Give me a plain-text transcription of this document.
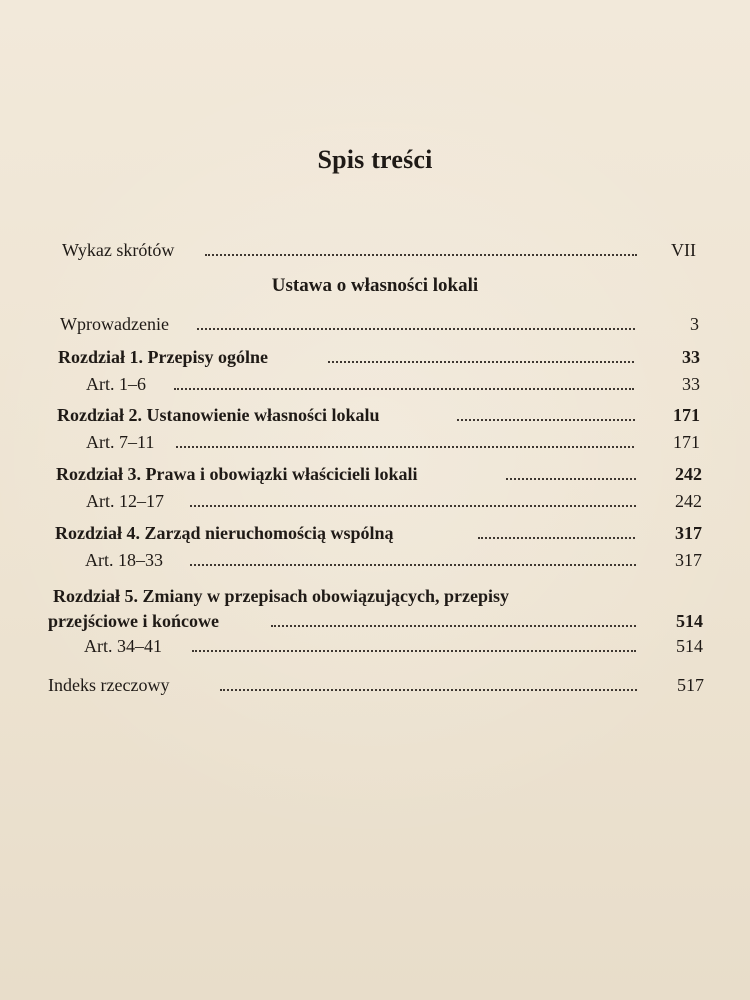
Spis treści
Wykaz skrótów	VII
Ustawa o własności lokali
Wprowadzenie	3
Rozdział 1. Przepisy ogólne	33
Art. 1–6	33
Rozdział 2. Ustanowienie własności lokalu	171
Art. 7–11	171
Rozdział 3. Prawa i obowiązki właścicieli lokali	242
Art. 12–17	242
Rozdział 4. Zarząd nieruchomością wspólną	317
Art. 18–33	317
Rozdział 5. Zmiany w przepisach obowiązujących, przepisy
przejściowe i końcowe	514
Art. 34–41	514
Indeks rzeczowy	517
